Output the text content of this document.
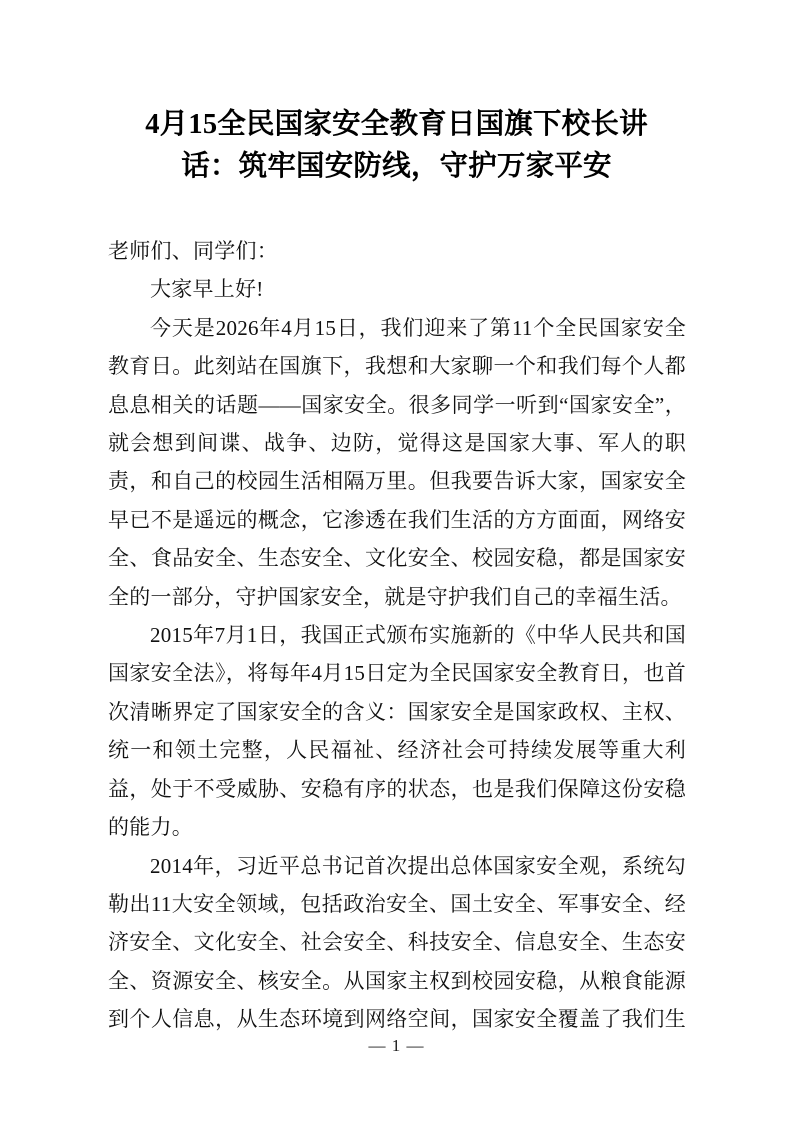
4月15全民国家安全教育日国旗下校长讲
话：筑牢国安防线，守护万家平安

老师们、同学们：

大家早上好!

今天是2026年4月15日，我们迎来了第11个全民国家安全教育日。此刻站在国旗下，我想和大家聊一个和我们每个人都息息相关的话题——国家安全。很多同学一听到“国家安全”，就会想到间谍、战争、边防，觉得这是国家大事、军人的职责，和自己的校园生活相隔万里。但我要告诉大家，国家安全早已不是遥远的概念，它渗透在我们生活的方方面面，网络安全、食品安全、生态安全、文化安全、校园安稳，都是国家安全的一部分，守护国家安全，就是守护我们自己的幸福生活。

2015年7月1日，我国正式颁布实施新的《中华人民共和国国家安全法》，将每年4月15日定为全民国家安全教育日，也首次清晰界定了国家安全的含义：国家安全是国家政权、主权、统一和领土完整，人民福祉、经济社会可持续发展等重大利益，处于不受威胁、安稳有序的状态，也是我们保障这份安稳的能力。

2014年，习近平总书记首次提出总体国家安全观，系统勾勒出11大安全领域，包括政治安全、国土安全、军事安全、经济安全、文化安全、社会安全、科技安全、信息安全、生态安全、资源安全、核安全。从国家主权到校园安稳，从粮食能源到个人信息，从生态环境到网络空间，国家安全覆盖了我们生

— 1 —
